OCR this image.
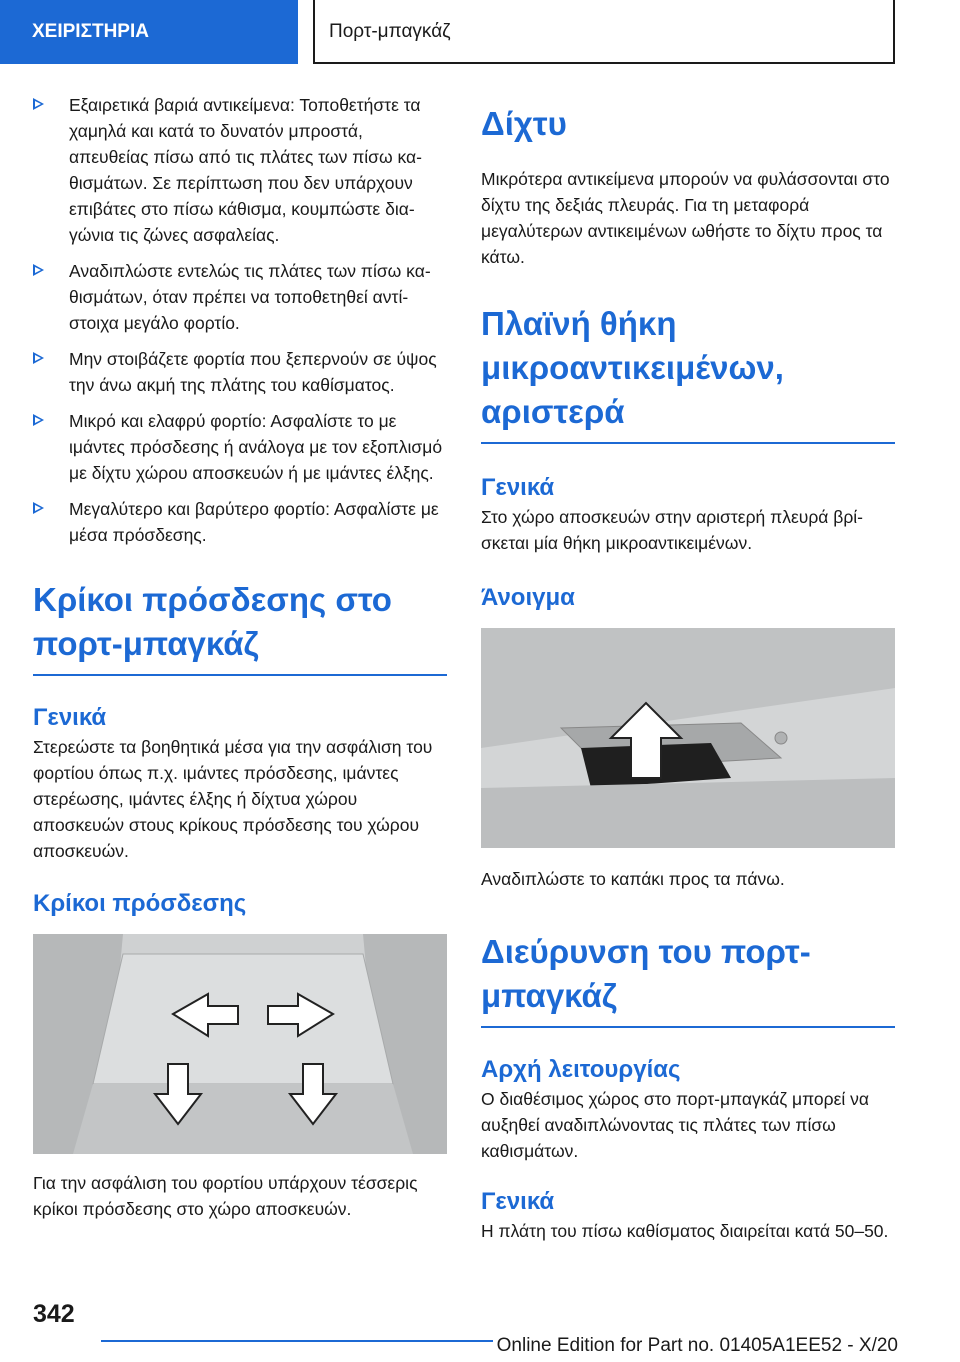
ΧΕΙΡΙΣΤΗΡΙΑ	Πορτ-μπαγκάζ
Εξαιρετικά βαριά αντικείμενα: Τοποθετήστε τα χαμηλά και κατά το δυνατόν μπροστά, απευθείας πίσω από τις πλάτες των πίσω καθισμάτων. Σε περίπτωση που δεν υπάρχουν επιβάτες στο πίσω κάθισμα, κουμπώστε διαγώνια τις ζώνες ασφαλείας.
Αναδιπλώστε εντελώς τις πλάτες των πίσω καθισμάτων, όταν πρέπει να τοποθετηθεί αντίστοιχα μεγάλο φορτίο.
Μην στοιβάζετε φορτία που ξεπερνούν σε ύψος την άνω ακμή της πλάτης του καθίσματος.
Μικρό και ελαφρύ φορτίο: Ασφαλίστε το με ιμάντες πρόσδεσης ή ανάλογα με τον εξοπλισμό με δίχτυ χώρου αποσκευών ή με ιμάντες έλξης.
Μεγαλύτερο και βαρύτερο φορτίο: Ασφαλίστε με μέσα πρόσδεσης.
Κρίκοι πρόσδεσης στο πορτ-μπαγκάζ
Γενικά

Στερεώστε τα βοηθητικά μέσα για την ασφάλιση του φορτίου όπως π.χ. ιμάντες πρόσδεσης, ιμάντες στερέωσης, ιμάντες έλξης ή δίχτυα χώρου αποσκευών στους κρίκους πρόσδεσης του χώρου αποσκευών.

Κρίκοι πρόσδεσης

Για την ασφάλιση του φορτίου υπάρχουν τέσσερις κρίκοι πρόσδεσης στο χώρο αποσκευών.

Δίχτυ

Μικρότερα αντικείμενα μπορούν να φυλάσσονται στο δίχτυ της δεξιάς πλευράς. Για τη μεταφορά μεγαλύτερων αντικειμένων ωθήστε το δίχτυ προς τα κάτω.

Πλαϊνή θήκη μικροαντικειμένων, αριστερά
Γενικά

Στο χώρο αποσκευών στην αριστερή πλευρά βρίσκεται μία θήκη μικροαντικειμένων.

Άνοιγμα

Αναδιπλώστε το καπάκι προς τα πάνω.

Διεύρυνση του πορτ-μπαγκάζ
Αρχή λειτουργίας

Ο διαθέσιμος χώρος στο πορτ-μπαγκάζ μπορεί να αυξηθεί αναδιπλώνοντας τις πλάτες των πίσω καθισμάτων.

Γενικά

Η πλάτη του πίσω καθίσματος διαιρείται κατά 50–50.

342
Online Edition for Part no. 01405A1EE52 - X/20
